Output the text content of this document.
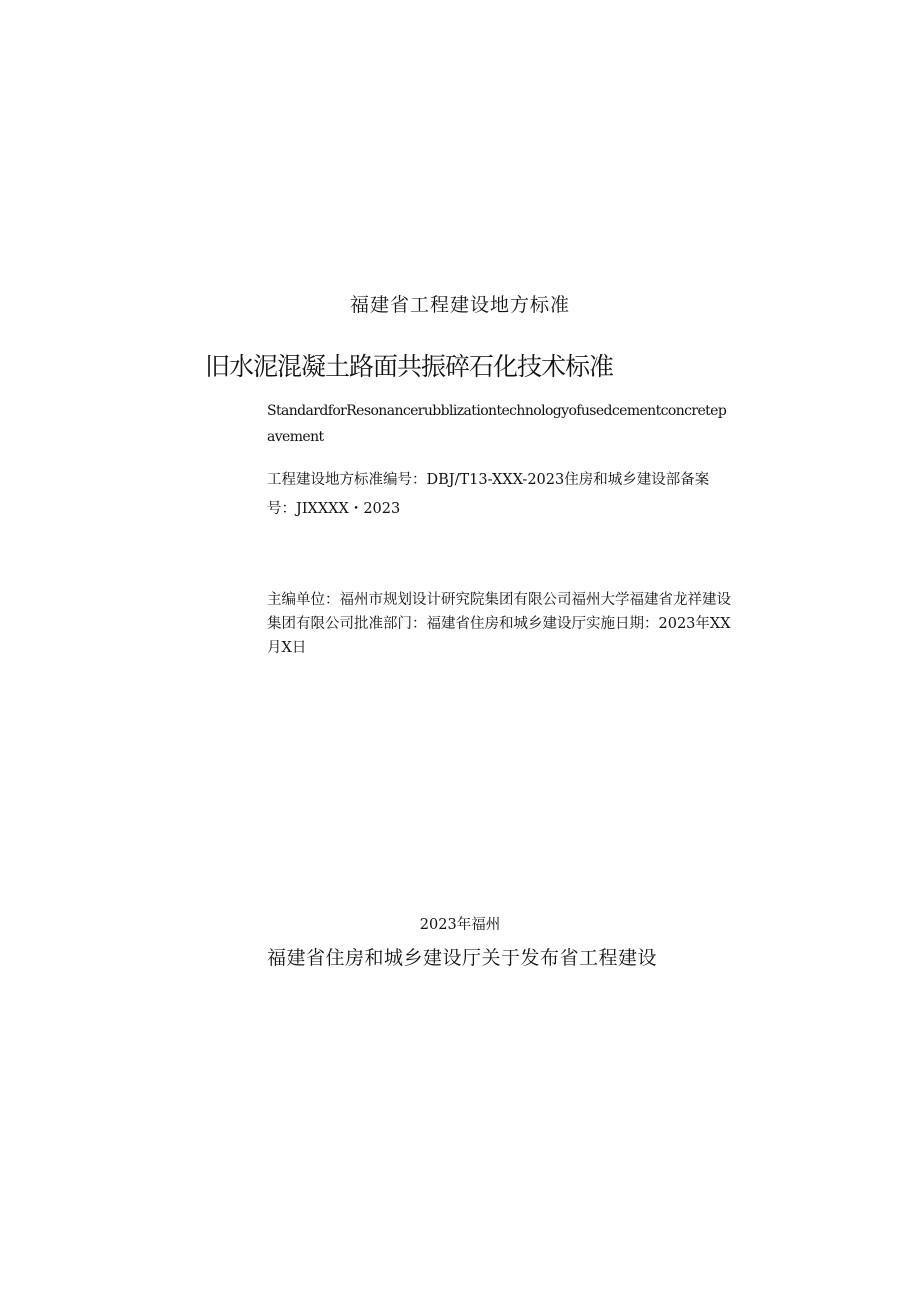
福建省工程建设地方标准

旧水泥混凝土路面共振碎石化技术标准

StandardforResonancerubblizationtechnologyofusedcementconcretepavement

工程建设地方标准编号：DBJ/T13-XXX-2023住房和城乡建设部备案号：JIXXXX・2023

主编单位：福州市规划设计研究院集团有限公司福州大学福建省龙祥建设集团有限公司批准部门：福建省住房和城乡建设厅实施日期：2023年XX月X日

2023年福州

福建省住房和城乡建设厅关于发布省工程建设
